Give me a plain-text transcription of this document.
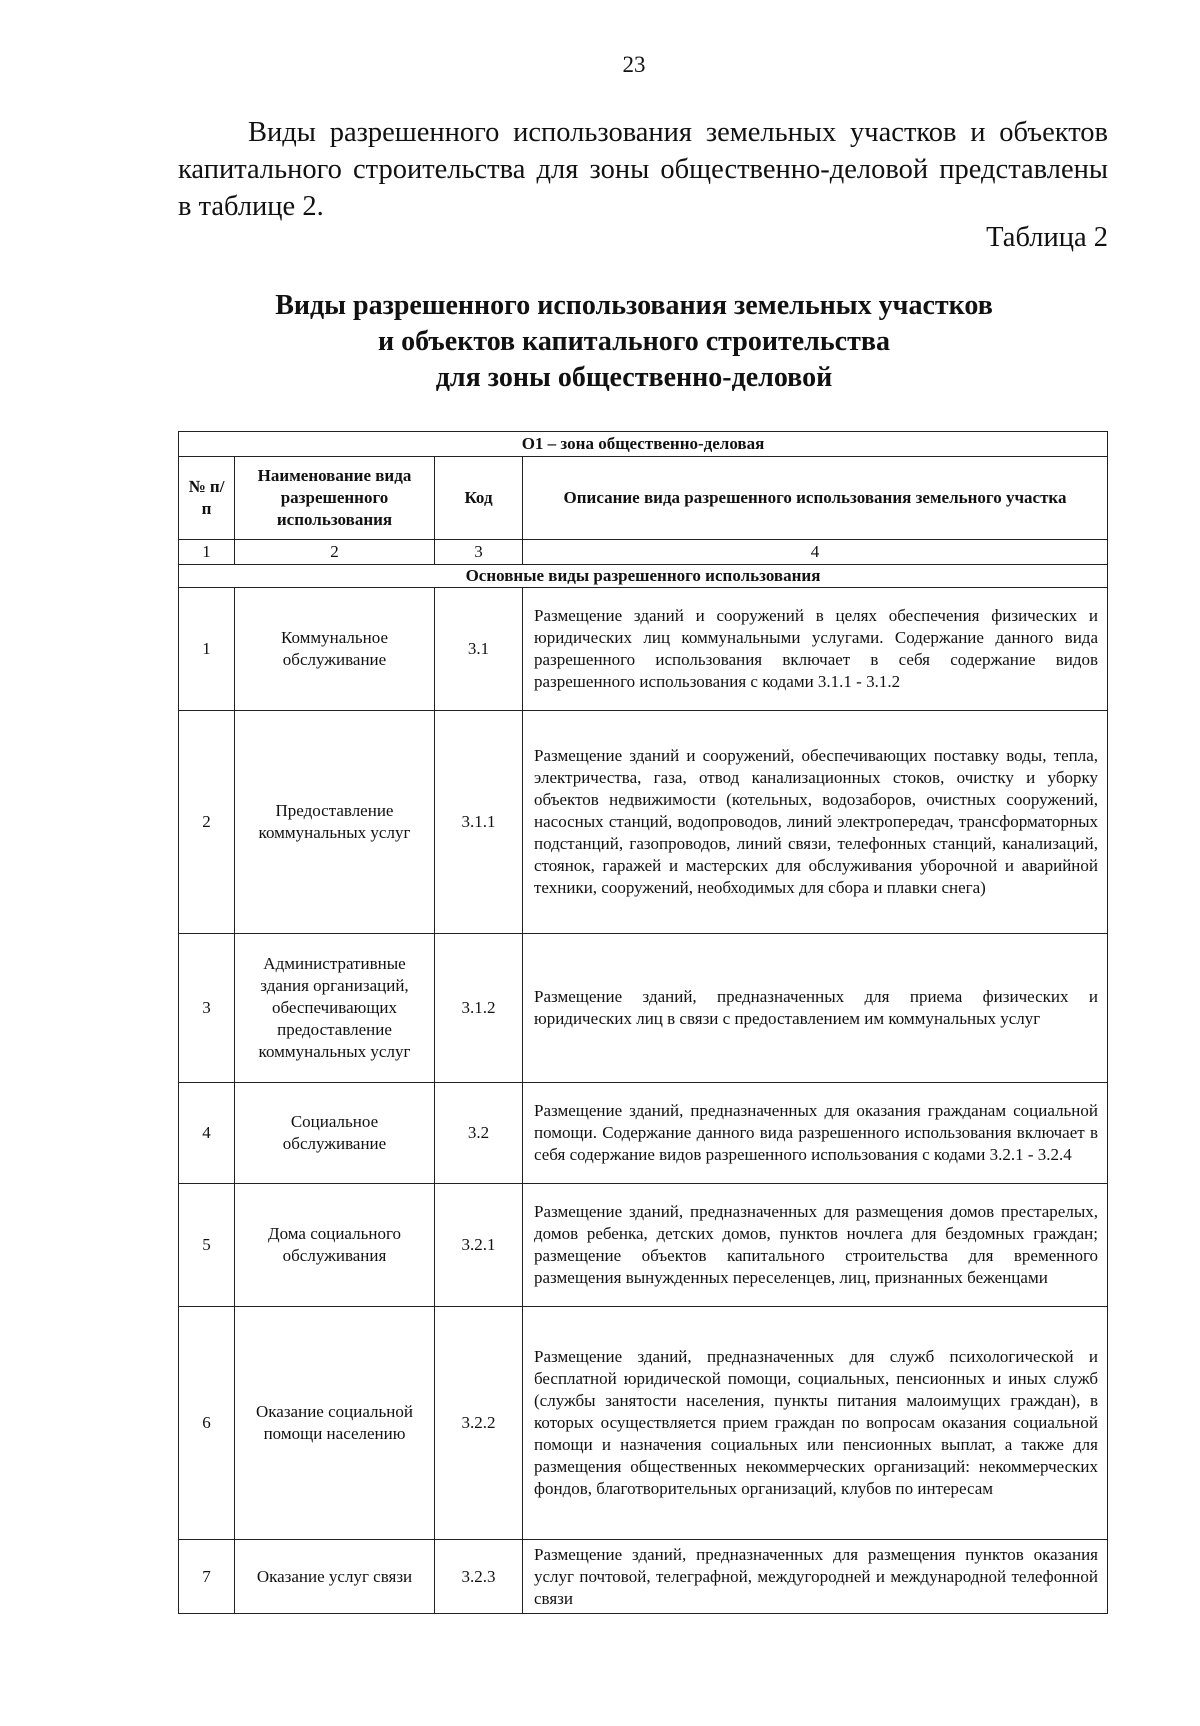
23

Виды разрешенного использования земельных участков и объектов капитального строительства для зоны общественно-деловой представлены в таблице 2.

Таблица 2
Виды разрешенного использования земельных участков
и объектов капитального строительства
для зоны общественно-деловой
О1 – зона общественно-деловая			
№ п/п	Наименование вида разрешенного использования	Код	Описание вида разрешенного использования земельного участка
1	2	3	4
Основные виды разрешенного использования			
1	Коммунальное обслуживание	3.1	Размещение зданий и сооружений в целях обеспечения физических и юридических лиц коммунальными услугами. Содержание данного вида разрешенного использования включает в себя содержание видов разрешенного использования с кодами 3.1.1 - 3.1.2
2	Предоставление коммунальных услуг	3.1.1	Размещение зданий и сооружений, обеспечивающих поставку воды, тепла, электричества, газа, отвод канализационных стоков, очистку и уборку объектов недвижимости (котельных, водозаборов, очистных сооружений, насосных станций, водопроводов, линий электропередач, трансформаторных подстанций, газопроводов, линий связи, телефонных станций, канализаций, стоянок, гаражей и мастерских для обслуживания уборочной и аварийной техники, сооружений, необходимых для сбора и плавки снега)
3	Административные здания организаций, обеспечивающих предоставление коммунальных услуг	3.1.2	Размещение зданий, предназначенных для приема физических и юридических лиц в связи с предоставлением им коммунальных услуг
4	Социальное обслуживание	3.2	Размещение зданий, предназначенных для оказания гражданам социальной помощи. Содержание данного вида разрешенного использования включает в себя содержание видов разрешенного использования с кодами 3.2.1 - 3.2.4
5	Дома социального обслуживания	3.2.1	Размещение зданий, предназначенных для размещения домов престарелых, домов ребенка, детских домов, пунктов ночлега для бездомных граждан; размещение объектов капитального строительства для временного размещения вынужденных переселенцев, лиц, признанных беженцами
6	Оказание социальной помощи населению	3.2.2	Размещение зданий, предназначенных для служб психологической и бесплатной юридической помощи, социальных, пенсионных и иных служб (службы занятости населения, пункты питания малоимущих граждан), в которых осуществляется прием граждан по вопросам оказания социальной помощи и назначения социальных или пенсионных выплат, а также для размещения общественных некоммерческих организаций: некоммерческих фондов, благотворительных организаций, клубов по интересам
7	Оказание услуг связи	3.2.3	Размещение зданий, предназначенных для размещения пунктов оказания услуг почтовой, телеграфной, междугородней и международной телефонной связи
